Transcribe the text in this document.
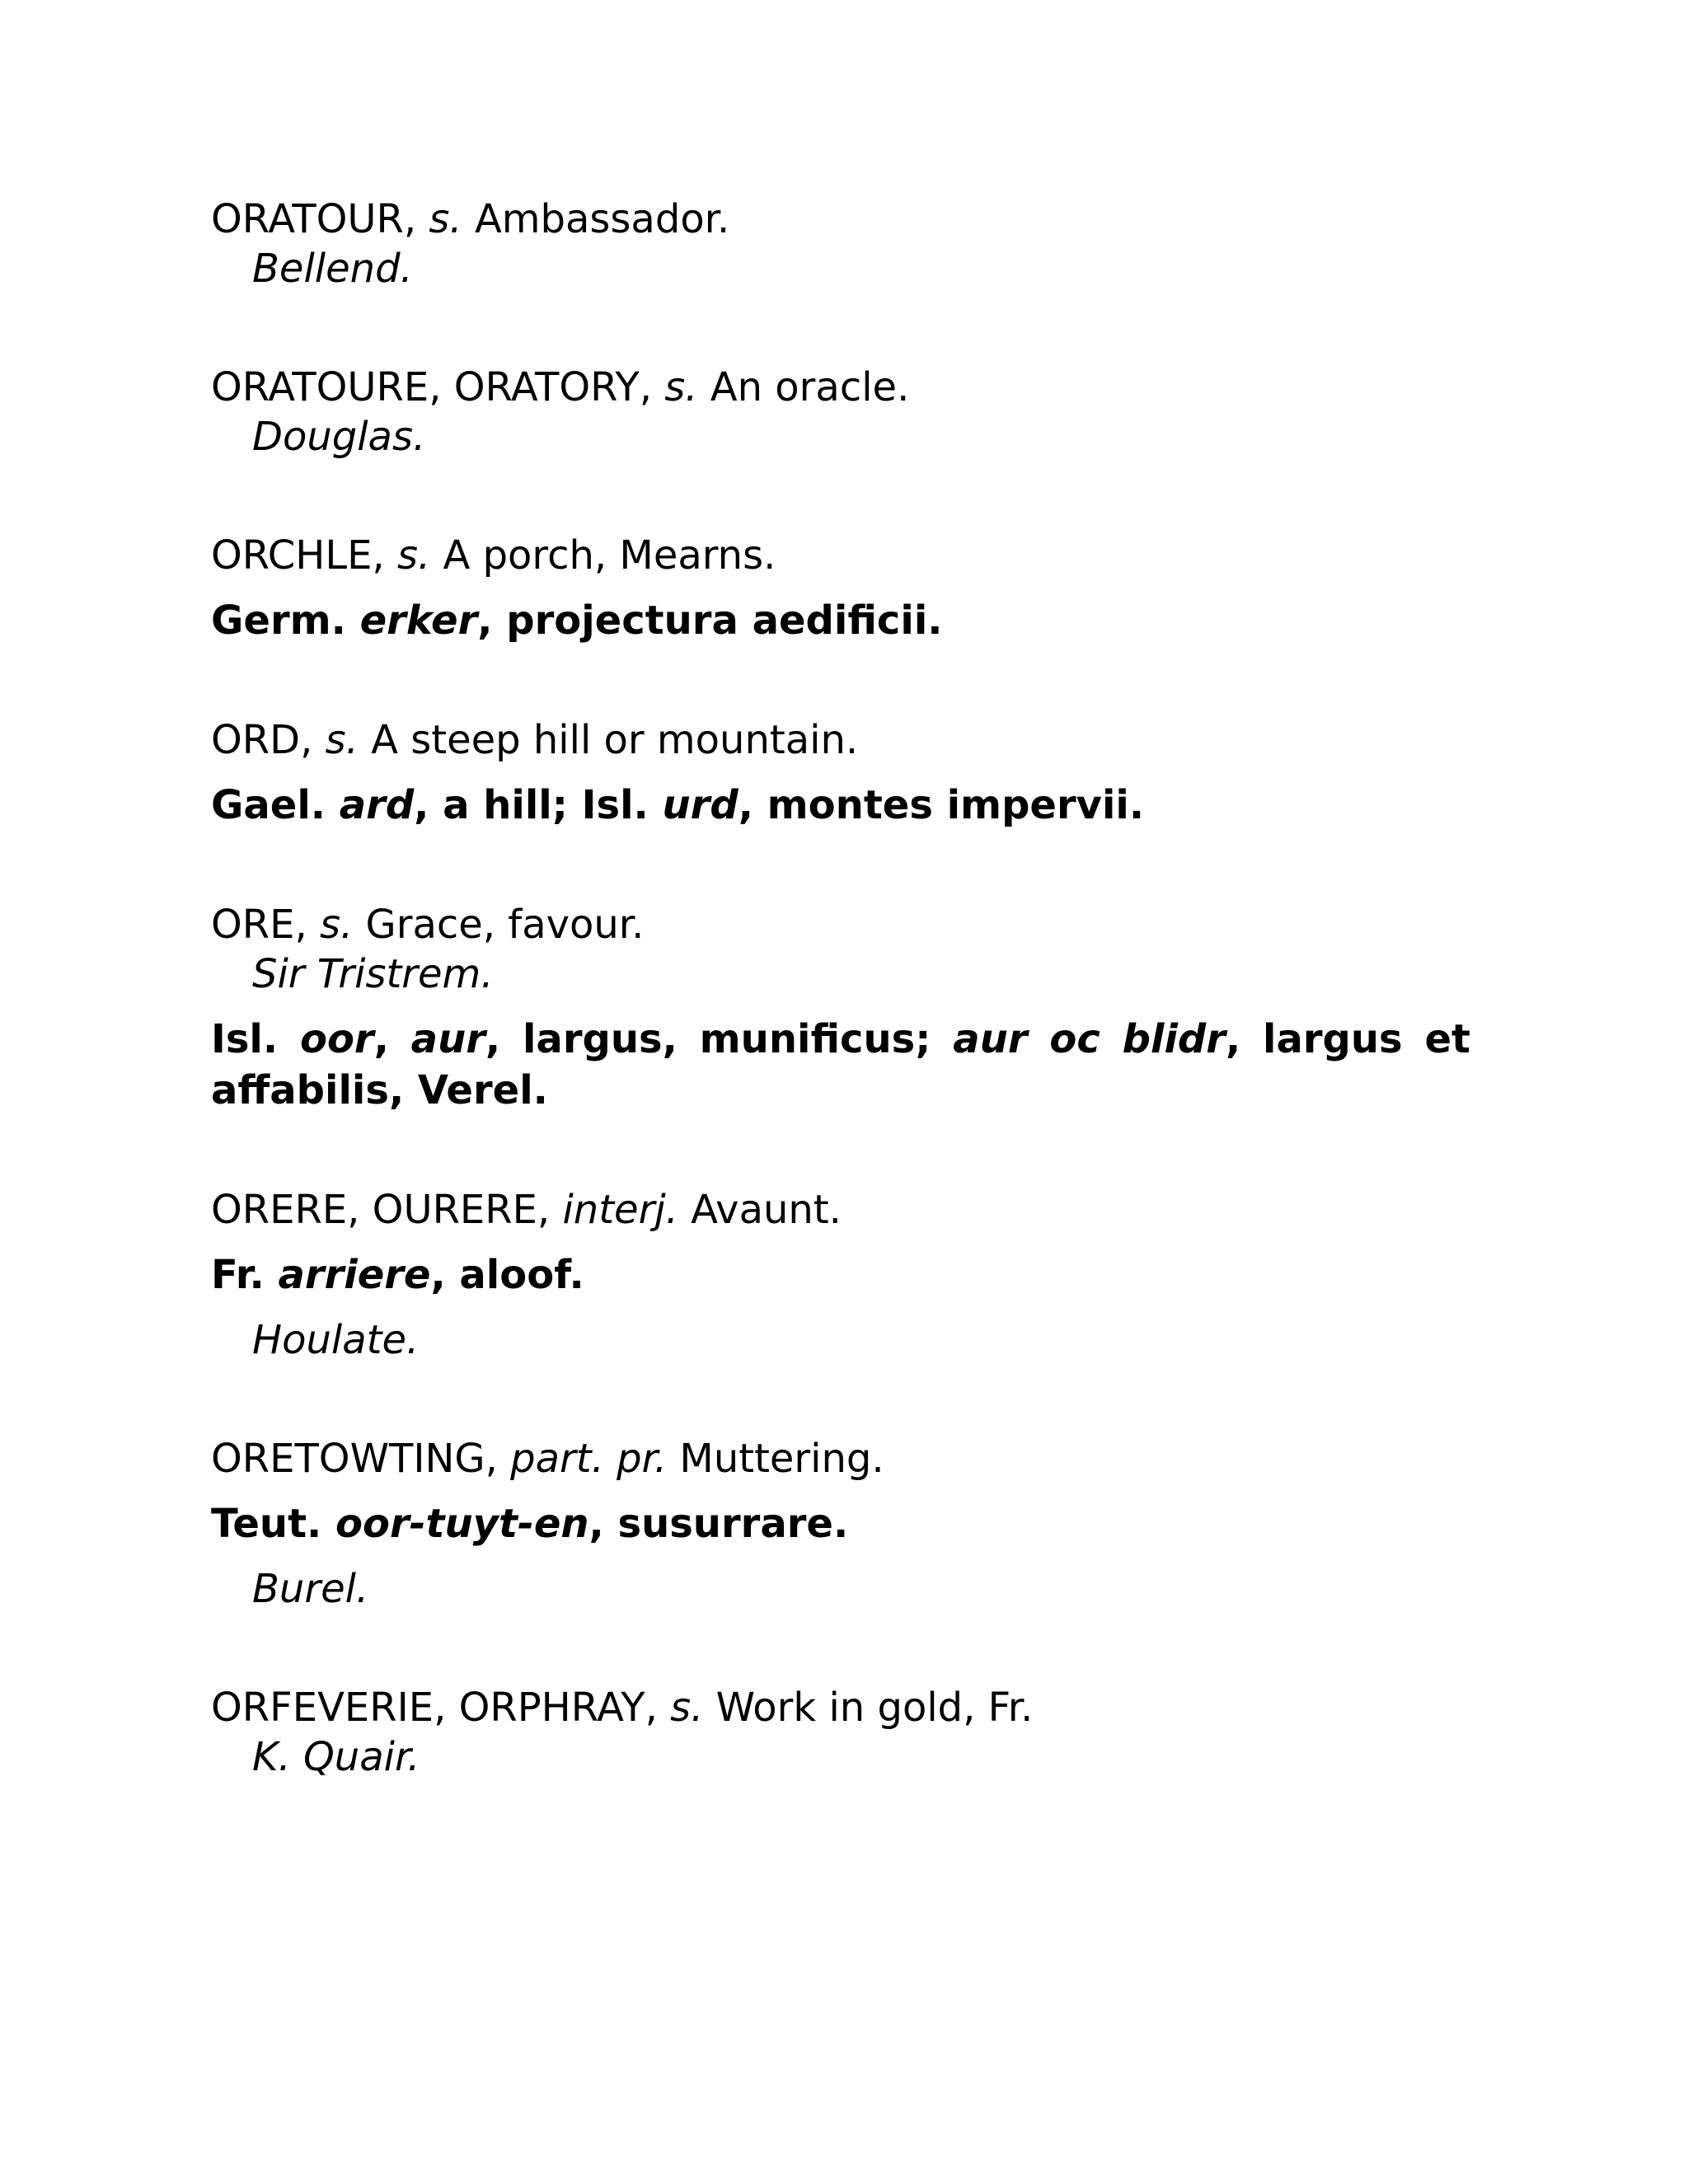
ORATOUR, s. Ambassador.

Bellend.

ORATOURE, ORATORY, s. An oracle.

Douglas.

ORCHLE, s. A porch, Mearns.

Germ. erker, projectura aedificii.

ORD, s. A steep hill or mountain.

Gael. ard, a hill; Isl. urd, montes impervii.

ORE, s. Grace, favour.

Sir Tristrem.

Isl. oor, aur, largus, munificus; aur oc blidr, largus et affabilis, Verel.

ORERE, OURERE, interj. Avaunt.

Fr. arriere, aloof.

Houlate.

ORETOWTING, part. pr. Muttering.

Teut. oor-tuyt-en, susurrare.

Burel.

ORFEVERIE, ORPHRAY, s. Work in gold, Fr.

K. Quair.
